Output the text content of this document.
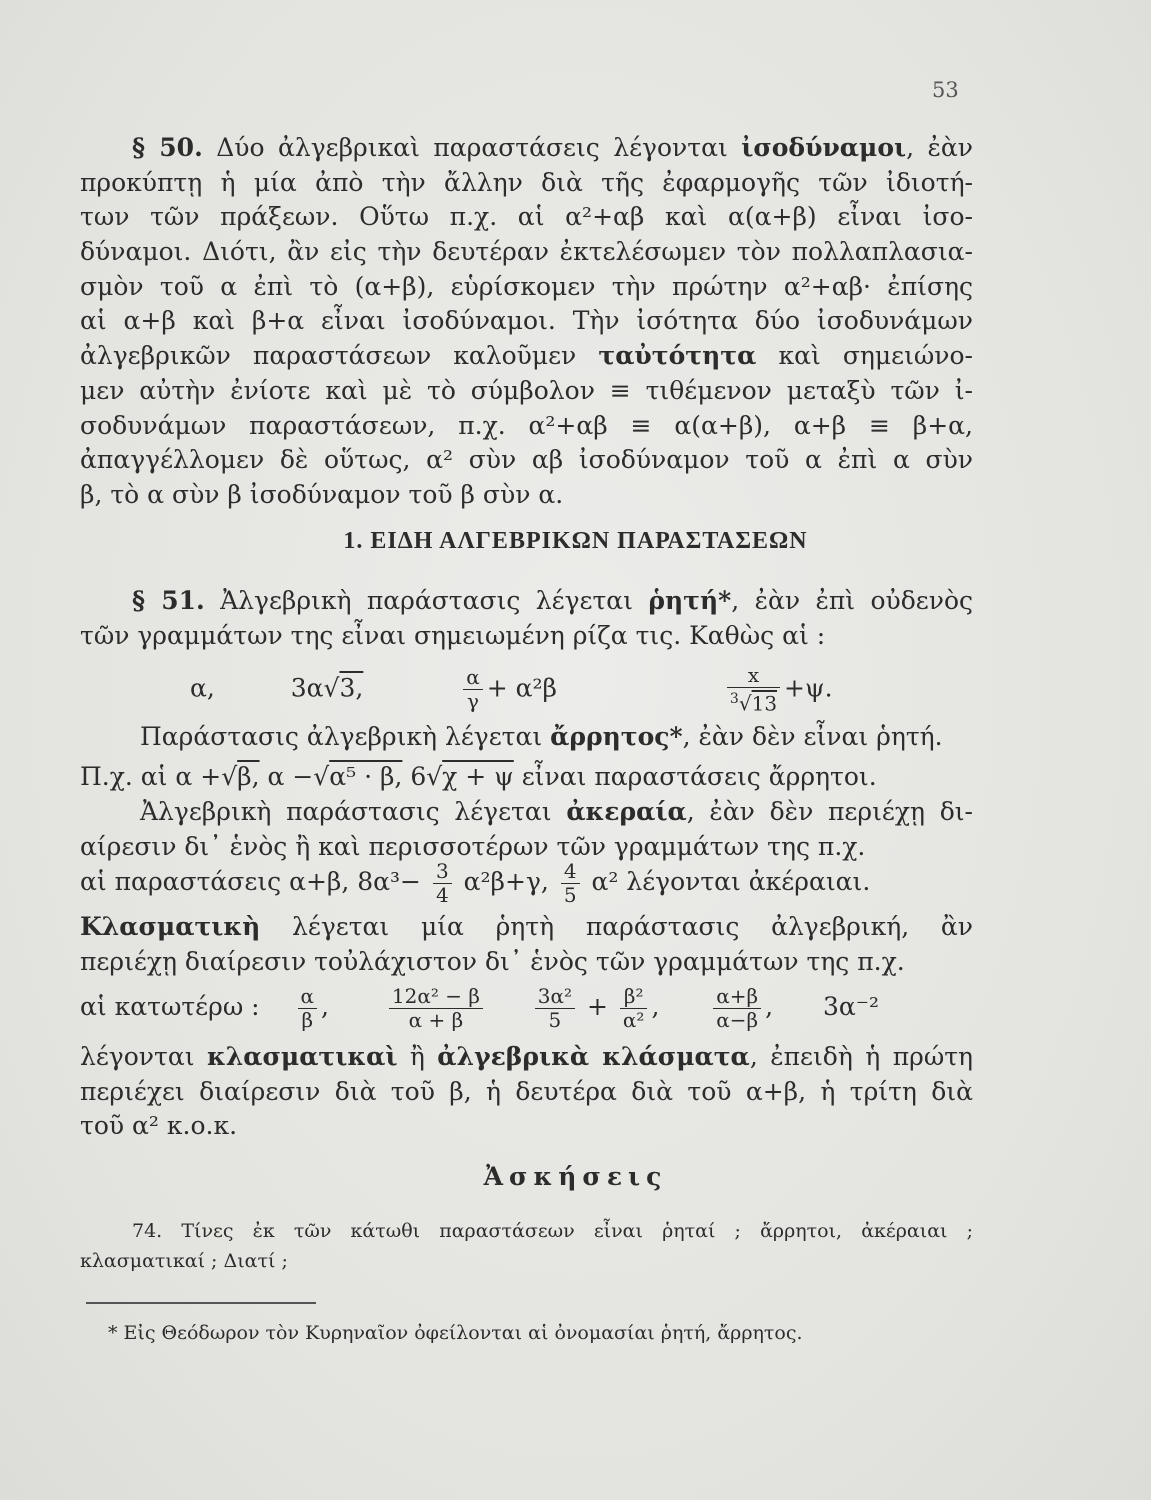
53
§ 50. Δύο ἀλγεβρικαὶ παραστάσεις λέγονται ἰσοδύναμοι, ἐὰν
προκύπτῃ ἡ μία ἀπὸ τὴν ἄλλην διὰ τῆς ἐφαρμογῆς τῶν ἰδιοτή-
των τῶν πράξεων. Οὕτω π.χ. αἱ α²+αβ καὶ α(α+β) εἶναι ἰσο-
δύναμοι. Διότι, ἂν εἰς τὴν δευτέραν ἐκτελέσωμεν τὸν πολλαπλασια-
σμὸν τοῦ α ἐπὶ τὸ (α+β), εὑρίσκομεν τὴν πρώτην α²+αβ· ἐπίσης
αἱ α+β καὶ β+α εἶναι ἰσοδύναμοι. Τὴν ἰσότητα δύο ἰσοδυνάμων
ἀλγεβρικῶν παραστάσεων καλοῦμεν ταὐτότητα καὶ σημειώνο-
μεν αὐτὴν ἐνίοτε καὶ μὲ τὸ σύμβολον ≡ τιθέμενον μεταξὺ τῶν ἰ-
σοδυνάμων παραστάσεων, π.χ. α²+αβ ≡ α(α+β), α+β ≡ β+α,
ἀπαγγέλλομεν δὲ οὕτως, α² σὺν αβ ἰσοδύναμον τοῦ α ἐπὶ α σὺν
β, τὸ α σὺν β ἰσοδύναμον τοῦ β σὺν α.
1. ΕΙΔΗ ΑΛΓΕΒΡΙΚΩΝ ΠΑΡΑΣΤΑΣΕΩΝ
§ 51. Ἀλγεβρικὴ παράστασις λέγεται ῥητή*, ἐὰν ἐπὶ οὐδενὸς
τῶν γραμμάτων της εἶναι σημειωμένη ρίζα τις. Καθὼς αἱ :
α,	3α√3,	$\frac{\alpha}{\gamma} + \alpha^2\beta$	$\frac{x}{^3√13} +\psi$.
Παράστασις ἀλγεβρικὴ λέγεται ἄρρητος*, ἐὰν δὲν εἶναι ῥητή.
Π.χ. αἱ α +√β, α −√α⁵ · β, 6√χ + ψ εἶναι παραστάσεις ἄρρητοι.
Ἀλγεβρικὴ παράστασις λέγεται ἀκεραία, ἐὰν δὲν περιέχῃ δι-
αίρεσιν δι᾽ ἑνὸς ἢ καὶ περισσοτέρων τῶν γραμμάτων της π.χ.
αἱ παραστάσεις α+β, $8\alpha^3- \frac{3}{4} \alpha^2\beta+\gamma$, $\frac{4}{5} \alpha^2$ λέγονται ἀκέραιαι.
Κλασματικὴ λέγεται μία ῥητὴ παράστασις ἀλγεβρική, ἂν
περιέχῃ διαίρεσιν τοὐλάχιστον δι᾽ ἑνὸς τῶν γραμμάτων της π.χ.
αἱ κατωτέρω : $\frac{\alpha}{\beta}$ ,	$\frac{\text{12α² − β}}{\alpha + \beta}$
	$\frac{\text{3α²}}{5} + \frac{\text{β²}}{\text{α²}}$ ,	$\frac{\alpha+\beta}{\alpha-\beta}$ , 3α⁻²
λέγονται κλασματικαὶ ἢ ἀλγεβρικὰ κλάσματα, ἐπειδὴ ἡ πρώτη
περιέχει διαίρεσιν διὰ τοῦ β, ἡ δευτέρα διὰ τοῦ α+β, ἡ τρίτη διὰ
τοῦ α² κ.ο.κ.
Ἀσκήσεις
74. Τίνες ἐκ τῶν κάτωθι παραστάσεων εἶναι ῥηταί ; ἄρρητοι, ἀκέραιαι ;
κλασματικαί ; Διατί ;
* Εἰς Θεόδωρον τὸν Κυρηναῖον ὀφείλονται αἱ ὀνομασίαι ῥητή, ἄρρητος.
